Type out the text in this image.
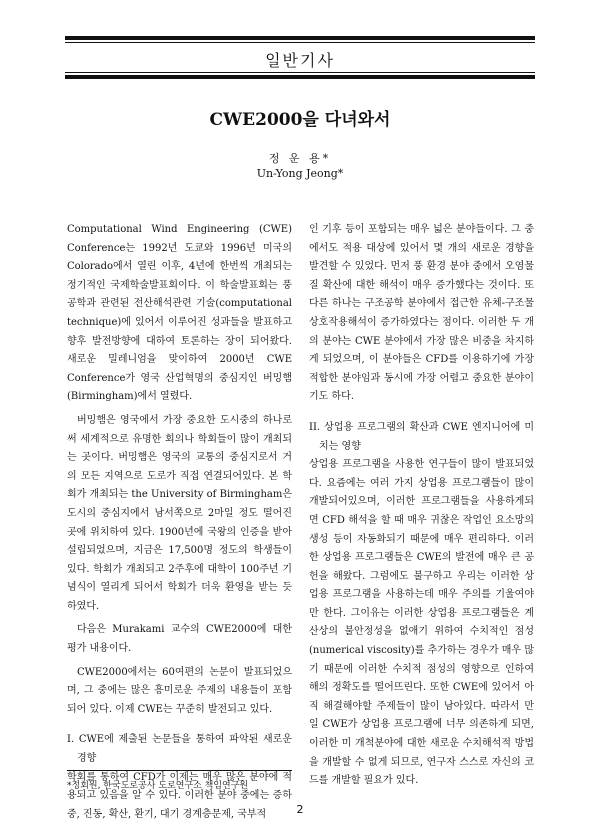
일반기사
CWE2000을 다녀와서
정 운 용*
Un-Yong Jeong*

Computational Wind Engineering (CWE) Conference는 1992년 도쿄와 1996년 미국의 Colorado에서 열린 이후, 4년에 한번씩 개최되는 정기적인 국제학술발표회이다. 이 학술발표회는 풍공학과 관련된 전산해석관련 기술(computational technique)에 있어서 이루어진 성과들을 발표하고 향후 발전방향에 대하여 토론하는 장이 되어왔다. 새로운 밀레니엄을 맞이하여 2000년 CWE Conference가 영국 산업혁명의 중심지인 버밍햄(Birmingham)에서 열렸다.

버밍햄은 영국에서 가장 중요한 도시중의 하나로써 세계적으로 유명한 회의나 학회들이 많이 개최되는 곳이다. 버밍햄은 영국의 교통의 중심지로서 거의 모든 지역으로 도로가 직접 연결되어있다. 본 학회가 개최되는 the University of Birmingham은 도시의 중심지에서 남서쪽으로 2마일 정도 떨어진 곳에 위치하여 있다. 1900년에 국왕의 인증을 받아 설립되었으며, 지금은 17,500명 정도의 학생들이 있다. 학회가 개최되고 2주후에 대학이 100주년 기념식이 열리게 되어서 학회가 더욱 환영을 받는 듯 하였다.

다음은 Murakami 교수의 CWE2000에 대한 평가 내용이다.

CWE2000에서는 60여편의 논문이 발표되었으며, 그 중에는 많은 흥미로운 주제의 내용들이 포함되어 있다. 이제 CWE는 꾸준히 발전되고 있다.

I. CWE에 제출된 논문들을 통하여 파악된 새로운 경향

학회를 통하여 CFD가 이제는 매우 많은 분야에 적용되고 있음을 알 수 있다. 이러한 분야 중에는 증하중, 진동, 확산, 환기, 대기 경계층문제, 국부적

인 기후 등이 포함되는 매우 넓은 분야들이다. 그 중에서도 적용 대상에 있어서 몇 개의 새로운 경향을 발견할 수 있었다. 먼저 풍 환경 분야 중에서 오염물질 확산에 대한 해석이 매우 증가했다는 것이다. 또 다른 하나는 구조공학 분야에서 접근한 유체-구조물 상호작용해석이 증가하였다는 점이다. 이러한 두 개의 분야는 CWE 분야에서 가장 많은 비중을 차지하게 되었으며, 이 분야들은 CFD를 이용하기에 가장 적합한 분야임과 동시에 가장 어렵고 중요한 분야이기도 하다.

II. 상업용 프로그램의 확산과 CWE 엔지니어에 미치는 영향

상업용 프로그램을 사용한 연구들이 많이 발표되었다. 요즘에는 여러 가지 상업용 프로그램들이 많이 개발되어있으며, 이러한 프로그램들을 사용하게되면 CFD 해석을 할 때 매우 귀찮은 작업인 요소망의 생성 등이 자동화되기 때문에 매우 편리하다. 이러한 상업용 프로그램들은 CWE의 발전에 매우 큰 공헌을 해왔다. 그럼에도 불구하고 우리는 이러한 상업용 프로그램을 사용하는데 매우 주의를 기울여야만 한다. 그이유는 이러한 상업용 프로그램들은 계산상의 불안정성을 없애기 위하여 수치적인 점성(numerical viscosity)를 추가하는 경우가 매우 많기 때문에 이러한 수치적 점성의 영향으로 인하여 해의 정확도를 떨어뜨린다. 또한 CWE에 있어서 아직 해결해야할 주제들이 많이 남아있다. 따라서 만일 CWE가 상업용 프로그램에 너무 의존하게 되면, 이러한 미 개척분야에 대한 새로운 수치해석적 방법을 개발할 수 없게 되므로, 연구자 스스로 자신의 코드를 개발할 필요가 있다.

*정회원, 한국도로공사 도로연구소 책임연구원
2
